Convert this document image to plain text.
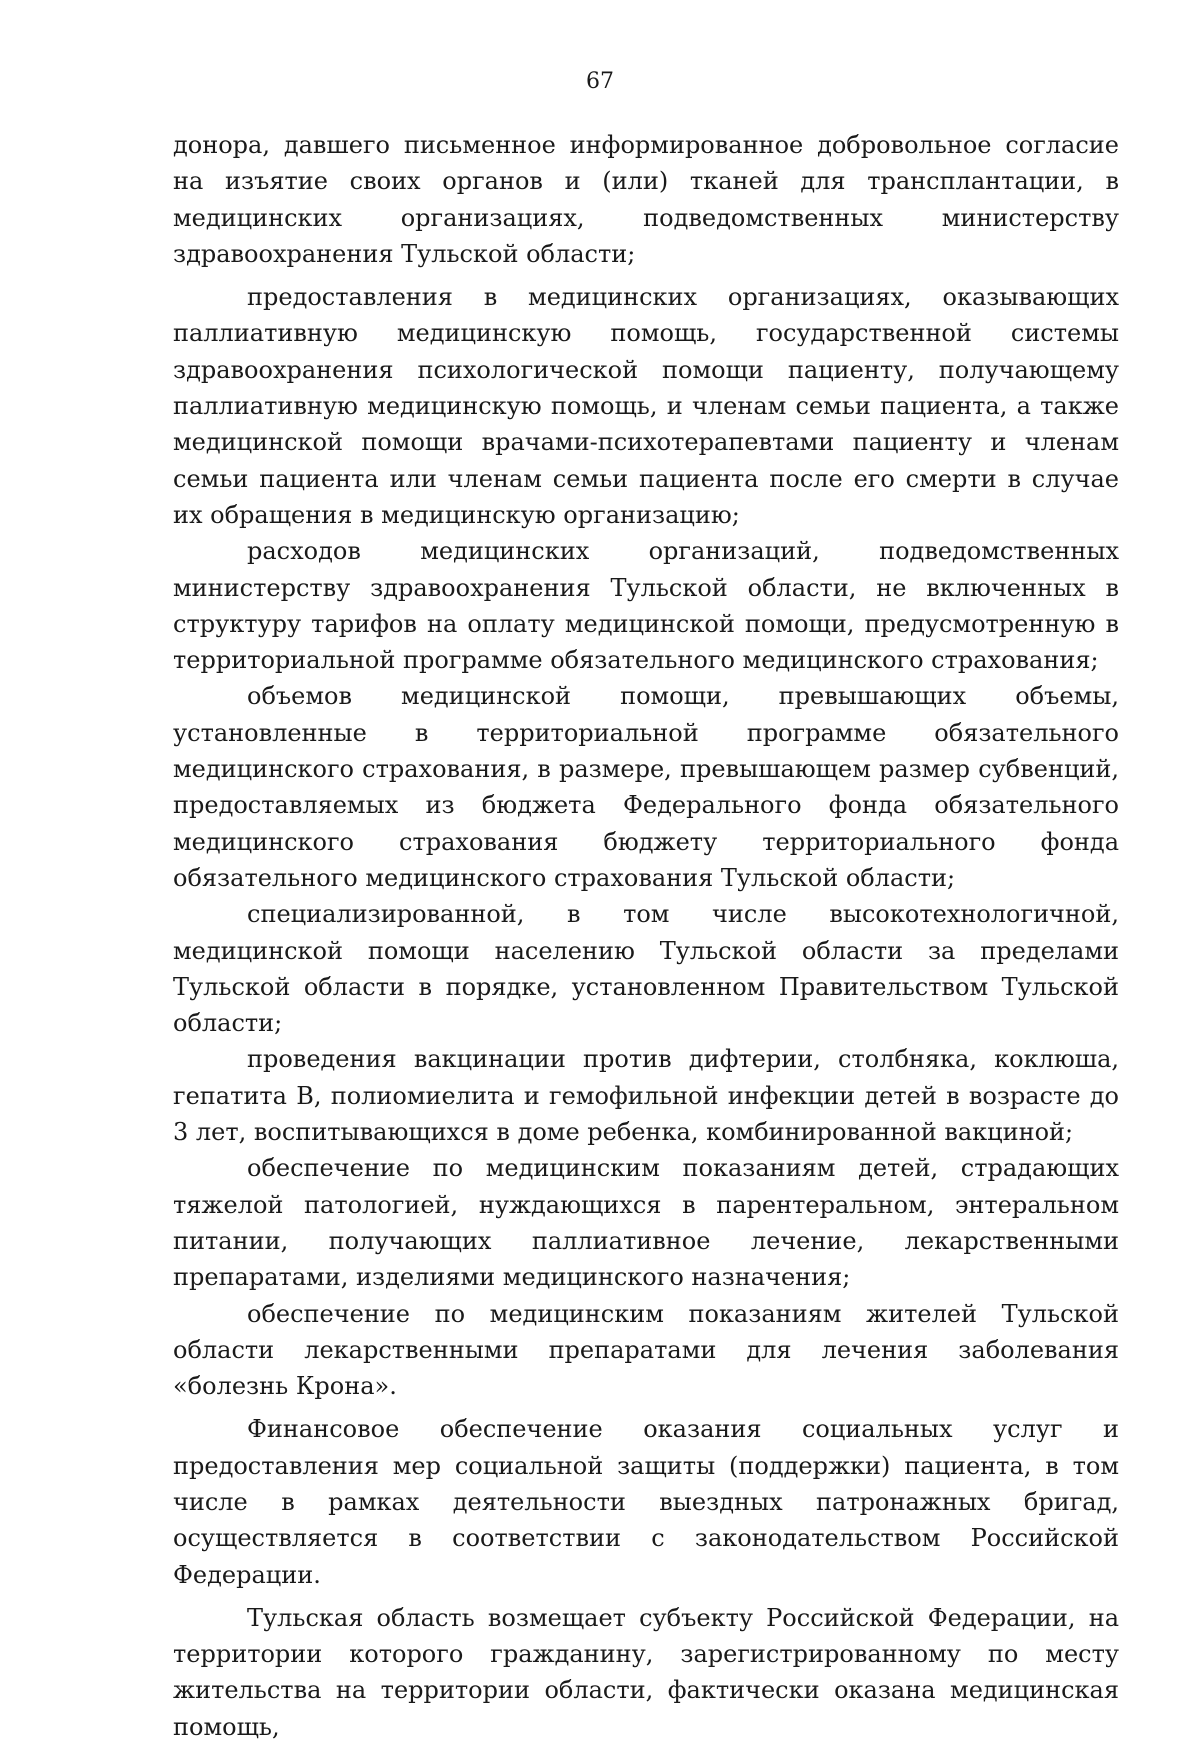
67

донора, давшего письменное информированное добровольное согласие на изъятие своих органов и (или) тканей для трансплантации, в медицинских организациях, подведомственных министерству здравоохранения Тульской области;

предоставления в медицинских организациях, оказывающих паллиативную медицинскую помощь, государственной системы здравоохранения психологической помощи пациенту, получающему паллиативную медицинскую помощь, и членам семьи пациента, а также медицинской помощи врачами-психотерапевтами пациенту и членам семьи пациента или членам семьи пациента после его смерти в случае их обращения в медицинскую организацию;

расходов медицинских организаций, подведомственных министерству здравоохранения Тульской области, не включенных в структуру тарифов на оплату медицинской помощи, предусмотренную в территориальной программе обязательного медицинского страхования;

объемов медицинской помощи, превышающих объемы, установленные в территориальной программе обязательного медицинского страхования, в размере, превышающем размер субвенций, предоставляемых из бюджета Федерального фонда обязательного медицинского страхования бюджету территориального фонда обязательного медицинского страхования Тульской области;

специализированной, в том числе высокотехнологичной, медицинской помощи населению Тульской области за пределами Тульской области в порядке, установленном Правительством Тульской области;

проведения вакцинации против дифтерии, столбняка, коклюша, гепатита В, полиомиелита и гемофильной инфекции детей в возрасте до 3 лет, воспитывающихся в доме ребенка, комбинированной вакциной;

обеспечение по медицинским показаниям детей, страдающих тяжелой патологией, нуждающихся в парентеральном, энтеральном питании, получающих паллиативное лечение, лекарственными препаратами, изделиями медицинского назначения;

обеспечение по медицинским показаниям жителей Тульской области лекарственными препаратами для лечения заболевания «болезнь Крона».

Финансовое обеспечение оказания социальных услуг и предоставления мер социальной защиты (поддержки) пациента, в том числе в рамках деятельности выездных патронажных бригад, осуществляется в соответствии с законодательством Российской Федерации.

Тульская область возмещает субъекту Российской Федерации, на территории которого гражданину, зарегистрированному по месту жительства на территории области, фактически оказана медицинская помощь,
